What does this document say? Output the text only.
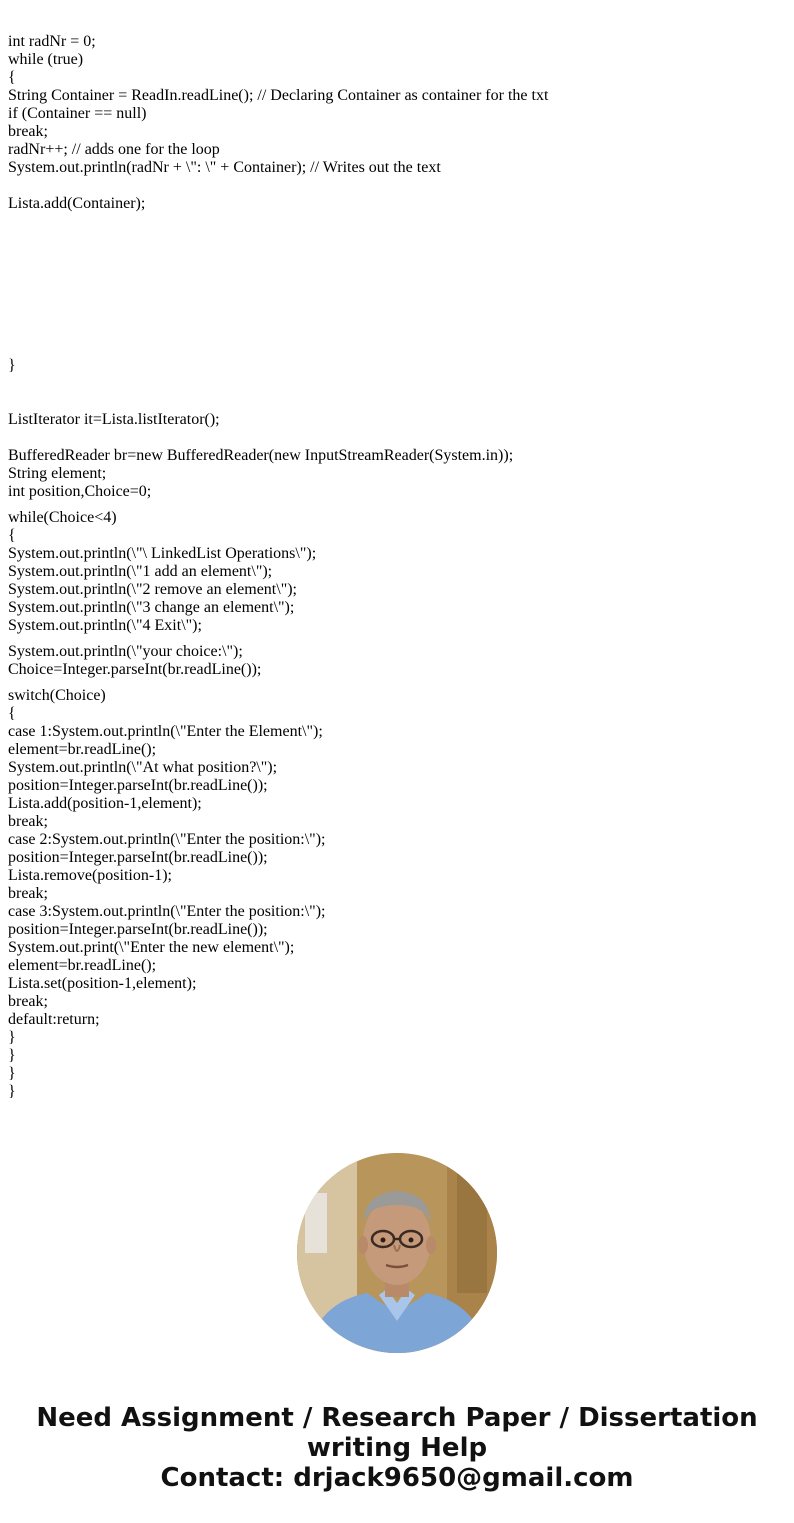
int radNr = 0;
while (true)
{
String Container = ReadIn.readLine(); // Declaring Container as container for the txt
if (Container == null)
break;
radNr++; // adds one for the loop
System.out.println(radNr + \": \" + Container); // Writes out the text
Lista.add(Container);
}
ListIterator it=Lista.listIterator();
BufferedReader br=new BufferedReader(new InputStreamReader(System.in));
String element;
int position,Choice=0;
while(Choice<4)
{
System.out.println(\"\ LinkedList Operations\");
System.out.println(\"1 add an element\");
System.out.println(\"2 remove an element\");
System.out.println(\"3 change an element\");
System.out.println(\"4 Exit\");
System.out.println(\"your choice:\");
Choice=Integer.parseInt(br.readLine());
switch(Choice)
{
case 1:System.out.println(\"Enter the Element\");
element=br.readLine();
System.out.println(\"At what position?\");
position=Integer.parseInt(br.readLine());
Lista.add(position-1,element);
break;
case 2:System.out.println(\"Enter the position:\");
position=Integer.parseInt(br.readLine());
Lista.remove(position-1);
break;
case 3:System.out.println(\"Enter the position:\");
position=Integer.parseInt(br.readLine());
System.out.print(\"Enter the new element\");
element=br.readLine();
Lista.set(position-1,element);
break;
default:return;
}
}
}
}
Need Assignment / Research Paper / Dissertation
writing Help
Contact: drjack9650@gmail.com
